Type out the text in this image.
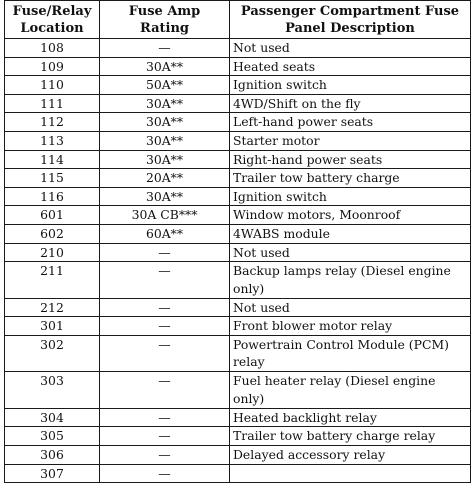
Fuse/Relay Location	Fuse Amp Rating	Passenger Compartment Fuse Panel Description
108	—	Not used
109	30A**	Heated seats
110	50A**	Ignition switch
111	30A**	4WD/Shift on the fly
112	30A**	Left-hand power seats
113	30A**	Starter motor
114	30A**	Right-hand power seats
115	20A**	Trailer tow battery charge
116	30A**	Ignition switch
601	30A CB***	Window motors, Moonroof
602	60A**	4WABS module
210	—	Not used
211	—	Backup lamps relay (Diesel engine only)
212	—	Not used
301	—	Front blower motor relay
302	—	Powertrain Control Module (PCM) relay
303	—	Fuel heater relay (Diesel engine only)
304	—	Heated backlight relay
305	—	Trailer tow battery charge relay
306	—	Delayed accessory relay
307	—	
